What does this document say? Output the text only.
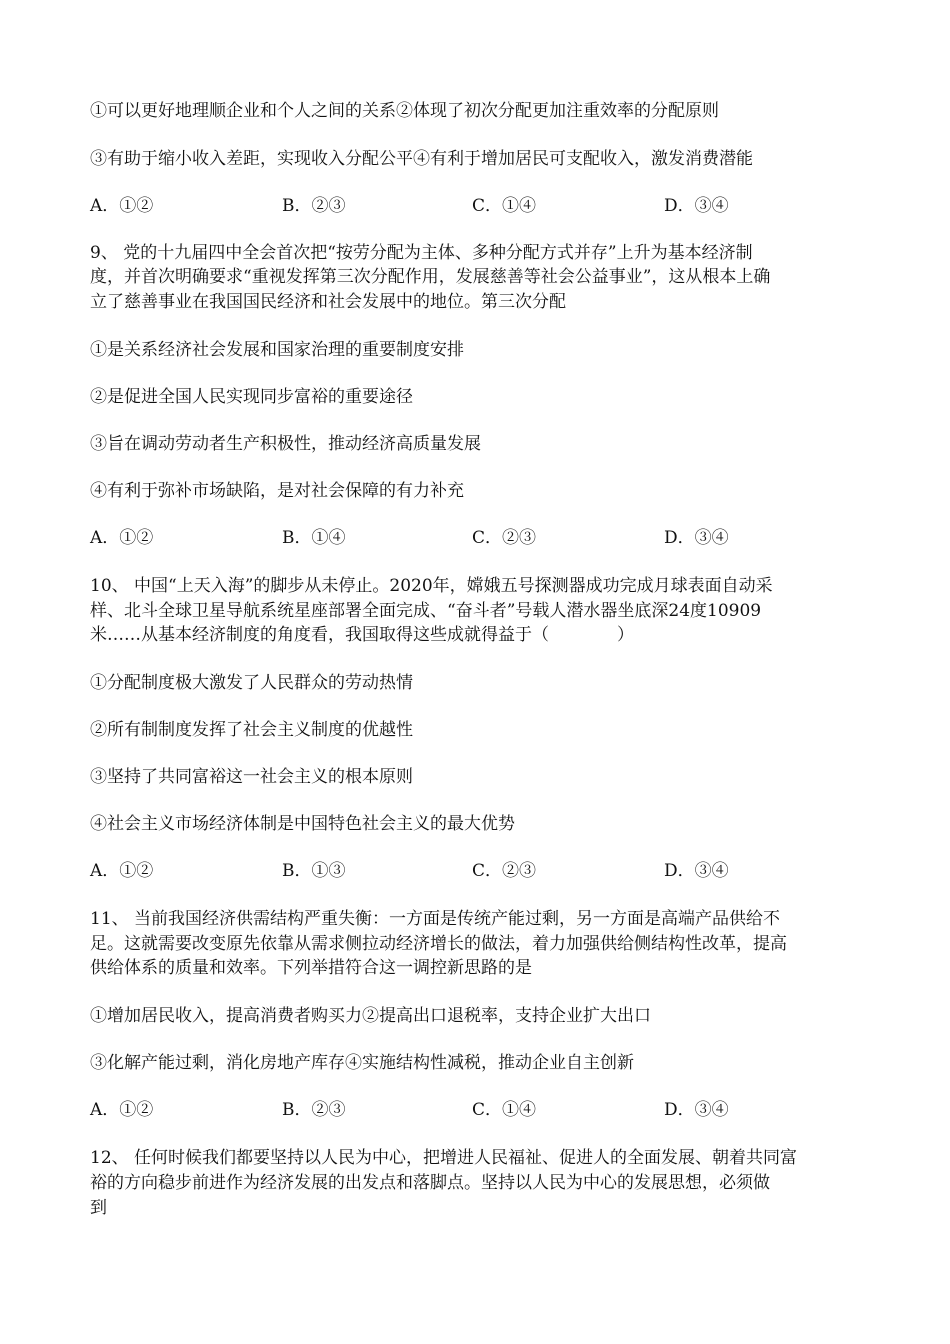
①可以更好地理顺企业和个人之间的关系②体现了初次分配更加注重效率的分配原则
③有助于缩小收入差距，实现收入分配公平④有利于增加居民可支配收入，激发消费潜能
A．①②	B．②③	C．①④	D．③④
9、 党的十九届四中全会首次把“按劳分配为主体、多种分配方式并存”上升为基本经济制
度，并首次明确要求“重视发挥第三次分配作用，发展慈善等社会公益事业”，这从根本上确
立了慈善事业在我国国民经济和社会发展中的地位。第三次分配
①是关系经济社会发展和国家治理的重要制度安排
②是促进全国人民实现同步富裕的重要途径
③旨在调动劳动者生产积极性，推动经济高质量发展
④有利于弥补市场缺陷，是对社会保障的有力补充
A．①②	B．①④	C．②③	D．③④
10、 中国“上天入海”的脚步从未停止。2020年，嫦娥五号探测器成功完成月球表面自动采
样、北斗全球卫星导航系统星座部署全面完成、“奋斗者”号载人潜水器坐底深24度10909
米……从基本经济制度的角度看，我国取得这些成就得益于（　　　　）
①分配制度极大激发了人民群众的劳动热情
②所有制制度发挥了社会主义制度的优越性
③坚持了共同富裕这一社会主义的根本原则
④社会主义市场经济体制是中国特色社会主义的最大优势
A．①②	B．①③	C．②③	D．③④
11、 当前我国经济供需结构严重失衡：一方面是传统产能过剩，另一方面是高端产品供给不
足。这就需要改变原先依靠从需求侧拉动经济增长的做法，着力加强供给侧结构性改革，提高
供给体系的质量和效率。下列举措符合这一调控新思路的是
①增加居民收入，提高消费者购买力②提高出口退税率，支持企业扩大出口
③化解产能过剩，消化房地产库存④实施结构性减税，推动企业自主创新
A．①②	B．②③	C．①④	D．③④
12、 任何时候我们都要坚持以人民为中心，把增进人民福祉、促进人的全面发展、朝着共同富
裕的方向稳步前进作为经济发展的出发点和落脚点。坚持以人民为中心的发展思想，必须做
到
